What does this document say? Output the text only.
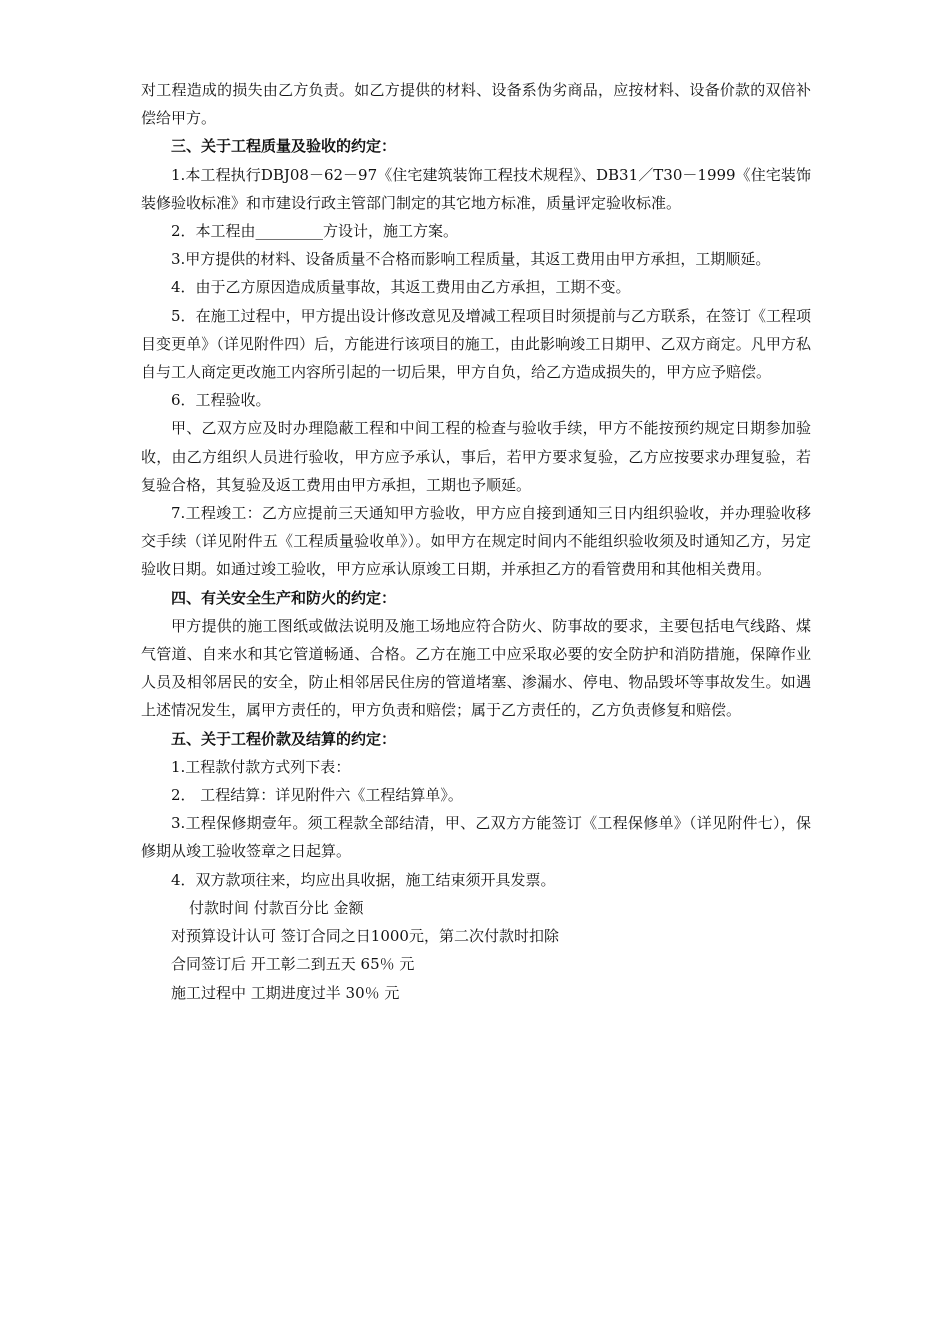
对工程造成的损失由乙方负责。如乙方提供的材料、设备系伪劣商品，应按材料、设备价款的双倍补偿给甲方。

三、关于工程质量及验收的约定：

1.本工程执行DBJ08－62－97《住宅建筑装饰工程技术规程》、DB31／T30－1999《住宅装饰装修验收标准》和市建设行政主管部门制定的其它地方标准，质量评定验收标准。

2．本工程由_________方设计，施工方案。

3.甲方提供的材料、设备质量不合格而影响工程质量，其返工费用由甲方承担，工期顺延。

4．由于乙方原因造成质量事故，其返工费用由乙方承担，工期不变。

5．在施工过程中，甲方提出设计修改意见及增减工程项目时须提前与乙方联系，在签订《工程项目变更单》（详见附件四）后，方能进行该项目的施工，由此影响竣工日期甲、乙双方商定。凡甲方私自与工人商定更改施工内容所引起的一切后果，甲方自负，给乙方造成损失的，甲方应予赔偿。

6．工程验收。

甲、乙双方应及时办理隐蔽工程和中间工程的检查与验收手续，甲方不能按预约规定日期参加验收，由乙方组织人员进行验收，甲方应予承认，事后，若甲方要求复验，乙方应按要求办理复验，若复验合格，其复验及返工费用由甲方承担，工期也予顺延。

7.工程竣工：乙方应提前三天通知甲方验收，甲方应自接到通知三日内组织验收，并办理验收移交手续（详见附件五《工程质量验收单》）。如甲方在规定时间内不能组织验收须及时通知乙方，另定验收日期。如通过竣工验收，甲方应承认原竣工日期，并承担乙方的看管费用和其他相关费用。

四、有关安全生产和防火的约定：

甲方提供的施工图纸或做法说明及施工场地应符合防火、防事故的要求，主要包括电气线路、煤气管道、自来水和其它管道畅通、合格。乙方在施工中应采取必要的安全防护和消防措施，保障作业人员及相邻居民的安全，防止相邻居民住房的管道堵塞、渗漏水、停电、物品毁坏等事故发生。如遇上述情况发生，属甲方责任的，甲方负责和赔偿；属于乙方责任的，乙方负责修复和赔偿。

五、关于工程价款及结算的约定：

1.工程款付款方式列下表：

2． 工程结算：详见附件六《工程结算单》。

3.工程保修期壹年。须工程款全部结清，甲、乙双方方能签订《工程保修单》（详见附件七），保修期从竣工验收签章之日起算。

4．双方款项往来，均应出具收据，施工结束须开具发票。

付款时间 付款百分比 金额

对预算设计认可 签订合同之日1000元，第二次付款时扣除

合同签订后 开工彰二到五天 65％ 元

施工过程中 工期进度过半 30％ 元
